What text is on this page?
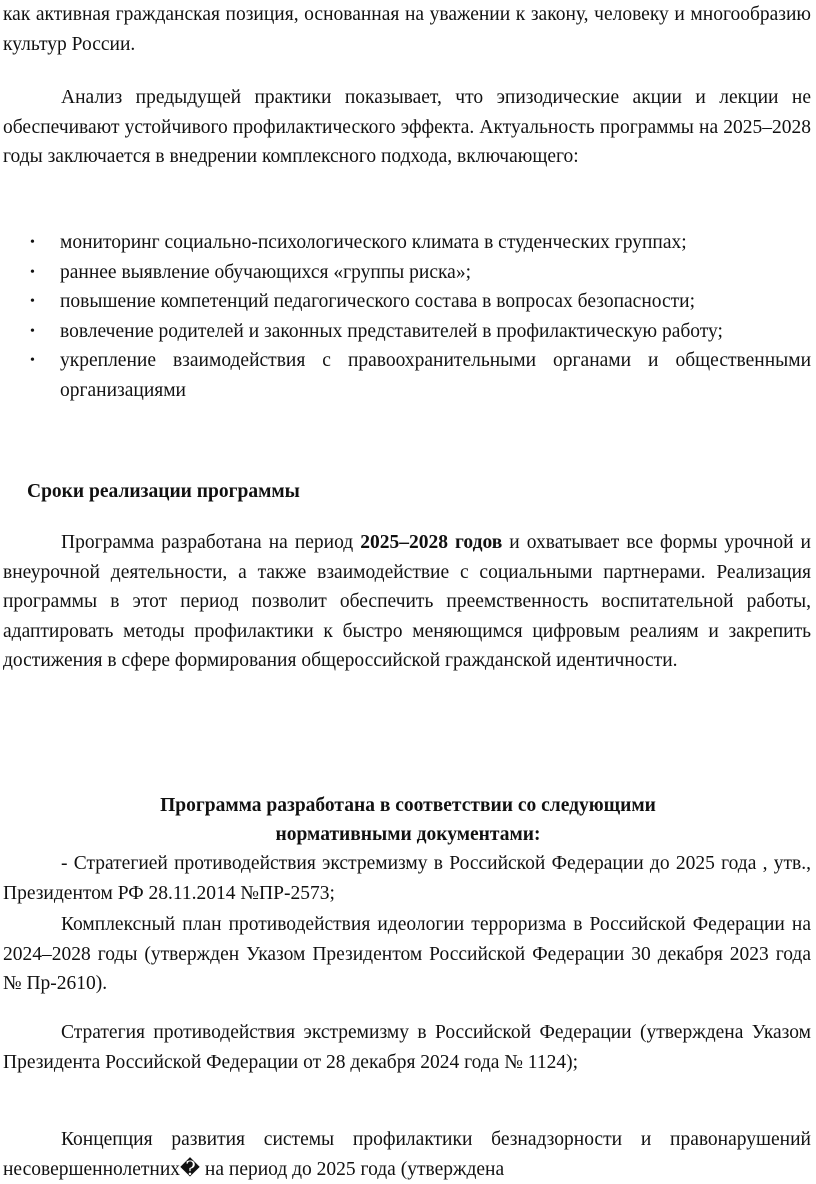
как активная гражданская позиция, основанная на уважении к закону, человеку и многообразию культур России.

Анализ предыдущей практики показывает, что эпизодические акции и лекции не обеспечивают устойчивого профилактического эффекта. Актуальность программы на 2025–2028 годы заключается в внедрении комплексного подхода, включающего:

• мониторинг социально-психологического климата в студенческих группах;
• раннее выявление обучающихся «группы риска»;
• повышение компетенций педагогического состава в вопросах безопасности;
• вовлечение родителей и законных представителей в профилактическую работу;
• укрепление взаимодействия с правоохранительными органами и общественными организациями

Сроки реализации программы

Программа разработана на период 2025–2028 годов и охватывает все формы урочной и внеурочной деятельности, а также взаимодействие с социальными партнерами. Реализация программы в этот период позволит обеспечить преемственность воспитательной работы, адаптировать методы профилактики к быстро меняющимся цифровым реалиям и закрепить достижения в сфере формирования общероссийской гражданской идентичности.

Программа разработана в соответствии со следующими

нормативными документами:

- Стратегией противодействия экстремизму в Российской Федерации до 2025 года , утв., Президентом РФ 28.11.2014 №ПР-2573;

Комплексный план противодействия идеологии терроризма в Российской Федерации на 2024–2028 годы (утвержден Указом Президентом Российской Федерации 30 декабря 2023 года № Пр-2610).

Стратегия противодействия экстремизму в Российской Федерации (утверждена Указом Президента Российской Федерации от 28 декабря 2024 года № 1124);

Концепция развития системы профилактики безнадзорности и правонарушений несовершеннолетних� на период до 2025 года (утверждена
